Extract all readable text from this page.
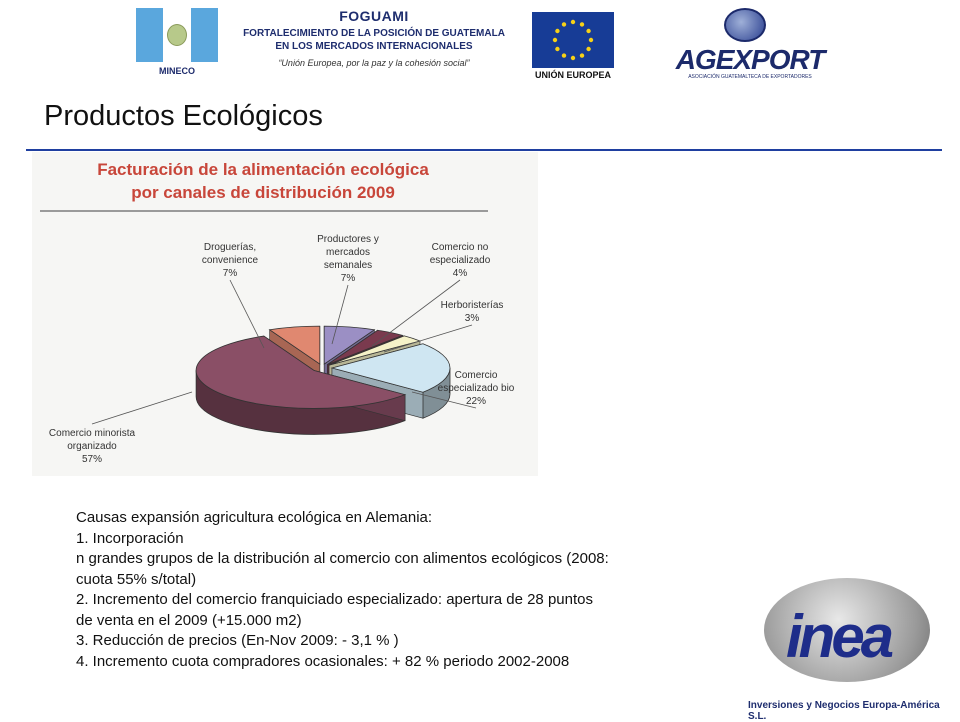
MINECO
FOGUAMI
FORTALECIMIENTO DE LA POSICIÓN DE GUATEMALA
EN LOS MERCADOS INTERNACIONALES
“Unión Europea, por la paz y la cohesión social”
UNIÓN EUROPEA	AGEXPORT
ASOCIACIÓN GUATEMALTECA DE EXPORTADORES
Productos Ecológicos
Facturación de la alimentación ecológica
por canales de distribución 2009
Productores y mercados semanales 7%
Comercio no especializado 4%
Herboristerías 3%
Comercio especializado bio 22%
Comercio minorista organizado 57%
Droguerías, convenience 7%
Causas expansión agricultura ecológica en Alemania:
1. Incorporación
n grandes grupos de la distribución al comercio con alimentos ecológicos (2008:
cuota 55% s/total)
2. Incremento del comercio franquiciado especializado: apertura de 28 puntos
de venta en el 2009 (+15.000 m2)
3. Reducción de precios (En-Nov 2009: - 3,1 % )
4. Incremento cuota compradores ocasionales: + 82 % periodo 2002-2008	inea
Inversiones y Negocios Europa-América S.L.
